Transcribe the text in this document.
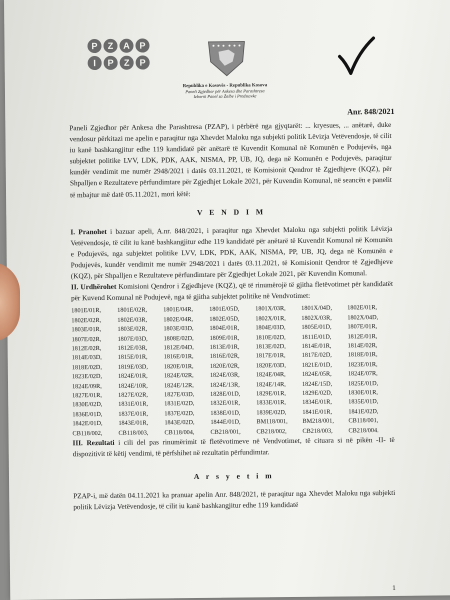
P	Z	A	P
I	P	Z	P
Republika e Kosovës - Republika Kosova
Paneli Zgjedhor për Ankesa dhe Parashtresa
Izborni Panel za Žalbe i Predstavke
Anr. 848/2021

Paneli Zgjedhor për Ankesa dhe Parashtresa (PZAP), i përbërë nga gjyqtarët: ... kryesues, ... anëtarë, duke vendosur përkitazi me apelin e paraqitur nga Xhevdet Maloku nga subjekti politik Lëvizja Vetëvendosje, të cilit iu kanë bashkangjitur edhe 119 kandidatë për anëtarë të Kuvendit Komunal në Komunën e Podujevës, nga subjektet politike LVV, LDK, PDK, AAK, NISMA, PP, UB, JQ, dega në Komunën e Podujevës, paraqitur kundër vendimit me numër 2948/2021 i datës 03.11.2021, të Komisionit Qendror të Zgjedhjeve (KQZ), për Shpalljen e Rezultateve përfundimtare për Zgjedhjet Lokale 2021, për Kuvendin Komunal, në seancën e panelit të mbajtur më datë 05.11.2021, mori këtë:

V E N D I M

I. Pranohet i bazuar apeli, A.nr. 848/2021, i paraqitur nga Xhevdet Maloku nga subjekti politik Lëvizja Vetëvendosje, të cilit iu kanë bashkangjitur edhe 119 kandidatë për anëtarë të Kuvendit Komunal në Komunën e Podujevës, nga subjektet politike LVV, LDK, PDK, AAK, NISMA, PP, UB, JQ, dega në Komunën e Podujevës, kundër vendimit me numër 2948/2021 i datës 03.11.2021, të Komisionit Qendror të Zgjedhjeve (KQZ), për Shpalljen e Rezultateve përfundimtare për Zgjedhjet Lokale 2021, për Kuvendin Komunal.

II. Urdhërohet Komisioni Qendror i Zgjedhjeve (KQZ), që të rinumërojë të gjitha fletëvotimet për kandidatët për Kuvend Komunal në Podujevë, nga të gjitha subjektet politike në Vendvotimet:

1801E/01R,	1801E/02R,	1801E/04R,	1801E/05D,	1801X/03R,	1801X/04D,	1802E/01R,
1802E/02R,	1802E/03R,	1802E/04R,	1802E/05D,	1802X/01R,	1802X/03R,	1802X/04D,
1803E/01R,	1803E/02R,	1803E/03D,	1804E/01R,	1804E/03D,	1805E/01D,	1807E/01R,
1807E/02R,	1807E/03D,	1808E/02D,	1809E/01R,	1810E/02D,	1811E/01D,	1812E/01R,
1812E/02R,	1812E/03R,	1812E/04D,	1813E/01R,	1813E/02D,	1814E/01R,	1814E/02R,
1814E/03D,	1815E/01R,	1816E/01R,	1816E/02R,	1817E/01R,	1817E/02D,	1818E/01R,
1818E/02D,	1819E/03D,	1820E/01R,	1820E/02R,	1820E/03D,	1821E/01D,	1823E/01R,
1823E/02D,	1824E/01R,	1824E/02R,	1824E/03R,	1824E/04R,	1824E/05R,	1824E/07R,
1824E/09R,	1824E/10R,	1824E/12R,	1824E/13R,	1824E/14R,	1824E/15D,	1825E/01D,
1827E/01R,	1827E/02R,	1827E/03D,	1828E/01D,	1829E/01R,	1829E/02D,	1830E/01R,
1830E/02D,	1831E/01R,	1831E/02D,	1832E/01R,	1833E/01R,	1834E/01R,	1835E/01D,
1836E/01D,	1837E/01R,	1837E/02D,	1838E/01D,	1839E/02D,	1841E/01R,	1841E/02D,
1842E/01D,	1843E/01R,	1843E/02D,	1844E/01D,	BM118/001,	BM218/001,	CB118/001,
CB118/002,	CB118/003,	CB118/004,	CB218/001,	CB218/002,	CB218/003,	CB218/004.

III. Rezultati i cili del pas rinumërimit të fletëvotimeve në Vendvotimet, të cituara si në pikën -II- të dispozitivit të këtij vendimi, të përfshihet në rezultatin përfundimtar.

A r s y e t i m

PZAP-i, më datën 04.11.2021 ka pranuar apelin Anr. 848/2021, të paraqitur nga Xhevdet Maloku nga subjekti politik Lëvizja Vetëvendosje, të cilit iu kanë bashkangjitur edhe 119 kandidatë

1
